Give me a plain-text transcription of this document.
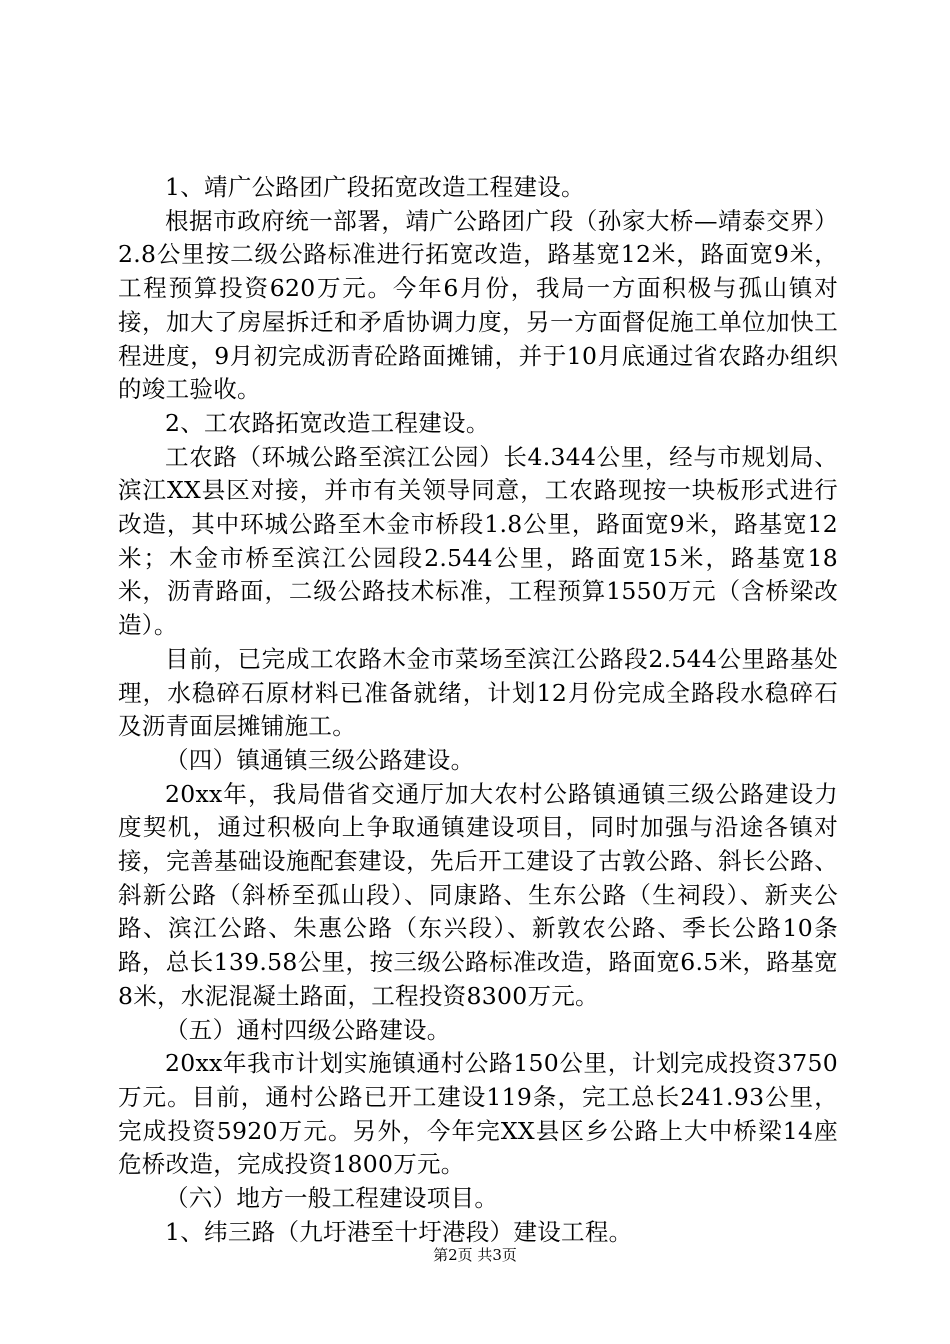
1、靖广公路团广段拓宽改造工程建设。

根据市政府统一部署，靖广公路团广段（孙家大桥—靖泰交界）2.8公里按二级公路标准进行拓宽改造，路基宽12米，路面宽9米，工程预算投资620万元。今年6月份，我局一方面积极与孤山镇对接，加大了房屋拆迁和矛盾协调力度，另一方面督促施工单位加快工程进度，9月初完成沥青砼路面摊铺，并于10月底通过省农路办组织的竣工验收。

2、工农路拓宽改造工程建设。

工农路（环城公路至滨江公园）长4.344公里，经与市规划局、滨江XX县区对接，并市有关领导同意，工农路现按一块板形式进行改造，其中环城公路至木金市桥段1.8公里，路面宽9米，路基宽12米；木金市桥至滨江公园段2.544公里，路面宽15米，路基宽18米，沥青路面，二级公路技术标准，工程预算1550万元（含桥梁改造）。

目前，已完成工农路木金市菜场至滨江公路段2.544公里路基处理，水稳碎石原材料已准备就绪，计划12月份完成全路段水稳碎石及沥青面层摊铺施工。

（四）镇通镇三级公路建设。

20xx年，我局借省交通厅加大农村公路镇通镇三级公路建设力度契机，通过积极向上争取通镇建设项目，同时加强与沿途各镇对接，完善基础设施配套建设，先后开工建设了古敦公路、斜长公路、斜新公路（斜桥至孤山段）、同康路、生东公路（生祠段）、新夹公路、滨江公路、朱惠公路（东兴段）、新敦农公路、季长公路10条路，总长139.58公里，按三级公路标准改造，路面宽6.5米，路基宽8米，水泥混凝土路面，工程投资8300万元。

（五）通村四级公路建设。

20xx年我市计划实施镇通村公路150公里，计划完成投资3750万元。目前，通村公路已开工建设119条，完工总长241.93公里，完成投资5920万元。另外，今年完XX县区乡公路上大中桥梁14座危桥改造，完成投资1800万元。

（六）地方一般工程建设项目。

1、纬三路（九圩港至十圩港段）建设工程。

第2页 共3页
